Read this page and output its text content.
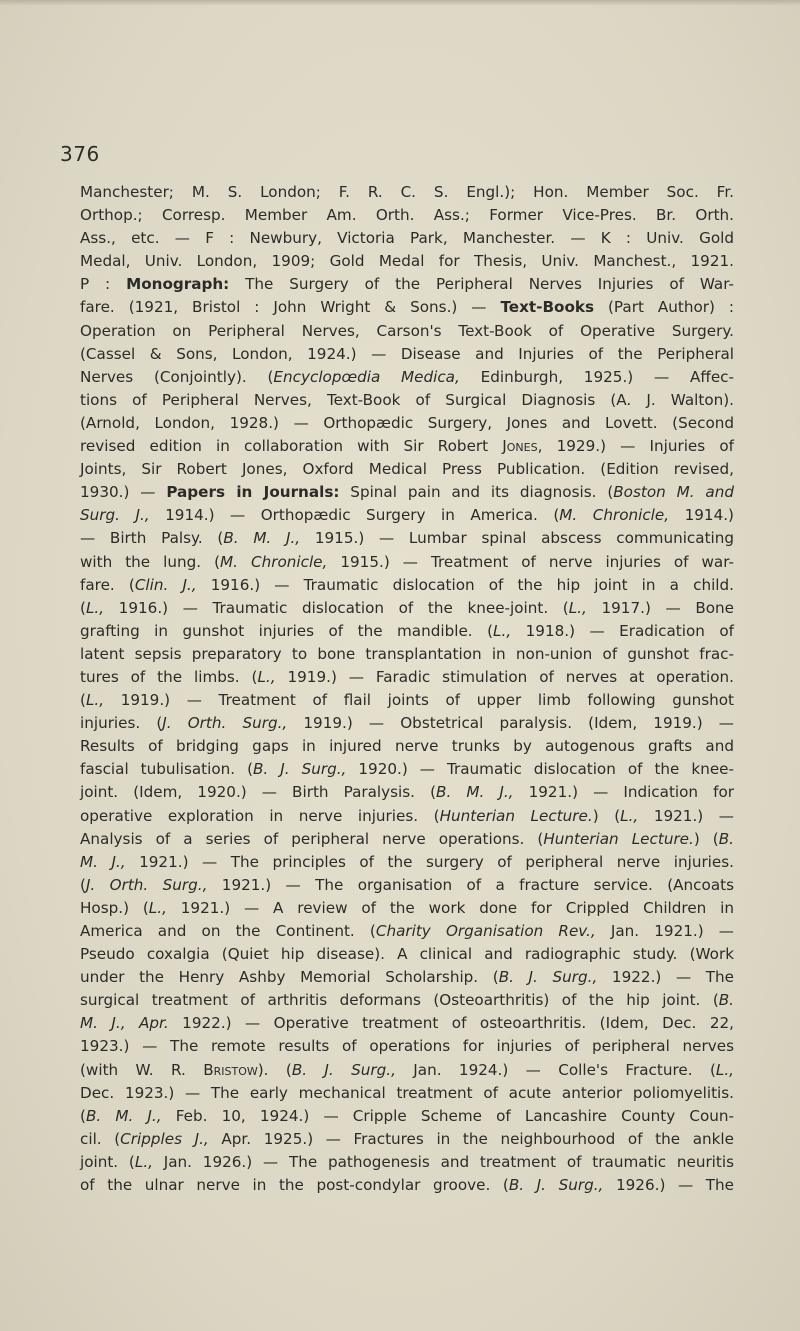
376
Manchester; M. S. London; F. R. C. S. Engl.); Hon. Member Soc. Fr.
Orthop.; Corresp. Member Am. Orth. Ass.; Former Vice-Pres. Br. Orth.
Ass., etc. — F : Newbury, Victoria Park, Manchester. — K : Univ. Gold
Medal, Univ. London, 1909; Gold Medal for Thesis, Univ. Manchest., 1921.
P : Monograph: The Surgery of the Peripheral Nerves Injuries of War-
fare. (1921, Bristol : John Wright & Sons.) — Text-Books (Part Author) :
Operation on Peripheral Nerves, Carson's Text-Book of Operative Surgery.
(Cassel & Sons, London, 1924.) — Disease and Injuries of the Peripheral
Nerves (Conjointly). (Encyclopœdia Medica, Edinburgh, 1925.) — Affec-
tions of Peripheral Nerves, Text-Book of Surgical Diagnosis (A. J. Walton).
(Arnold, London, 1928.) — Orthopædic Surgery, Jones and Lovett. (Second
revised edition in collaboration with Sir Robert Jones, 1929.) — Injuries of
Joints, Sir Robert Jones, Oxford Medical Press Publication. (Edition revised,
1930.) — Papers in Journals: Spinal pain and its diagnosis. (Boston M. and
Surg. J., 1914.) — Orthopædic Surgery in America. (M. Chronicle, 1914.)
— Birth Palsy. (B. M. J., 1915.) — Lumbar spinal abscess communicating
with the lung. (M. Chronicle, 1915.) — Treatment of nerve injuries of war-
fare. (Clin. J., 1916.) — Traumatic dislocation of the hip joint in a child.
(L., 1916.) — Traumatic dislocation of the knee-joint. (L., 1917.) — Bone
grafting in gunshot injuries of the mandible. (L., 1918.) — Eradication of
latent sepsis preparatory to bone transplantation in non-union of gunshot frac-
tures of the limbs. (L., 1919.) — Faradic stimulation of nerves at operation.
(L., 1919.) — Treatment of flail joints of upper limb following gunshot
injuries. (J. Orth. Surg., 1919.) — Obstetrical paralysis. (Idem, 1919.) —
Results of bridging gaps in injured nerve trunks by autogenous grafts and
fascial tubulisation. (B. J. Surg., 1920.) — Traumatic dislocation of the knee-
joint. (Idem, 1920.) — Birth Paralysis. (B. M. J., 1921.) — Indication for
operative exploration in nerve injuries. (Hunterian Lecture.) (L., 1921.) —
Analysis of a series of peripheral nerve operations. (Hunterian Lecture.) (B.
M. J., 1921.) — The principles of the surgery of peripheral nerve injuries.
(J. Orth. Surg., 1921.) — The organisation of a fracture service. (Ancoats
Hosp.) (L., 1921.) — A review of the work done for Crippled Children in
America and on the Continent. (Charity Organisation Rev., Jan. 1921.) —
Pseudo coxalgia (Quiet hip disease). A clinical and radiographic study. (Work
under the Henry Ashby Memorial Scholarship. (B. J. Surg., 1922.) — The
surgical treatment of arthritis deformans (Osteoarthritis) of the hip joint. (B.
M. J., Apr. 1922.) — Operative treatment of osteoarthritis. (Idem, Dec. 22,
1923.) — The remote results of operations for injuries of peripheral nerves
(with W. R. Bristow). (B. J. Surg., Jan. 1924.) — Colle's Fracture. (L.,
Dec. 1923.) — The early mechanical treatment of acute anterior poliomyelitis.
(B. M. J., Feb. 10, 1924.) — Cripple Scheme of Lancashire County Coun-
cil. (Cripples J., Apr. 1925.) — Fractures in the neighbourhood of the ankle
joint. (L., Jan. 1926.) — The pathogenesis and treatment of traumatic neuritis
of the ulnar nerve in the post-condylar groove. (B. J. Surg., 1926.) — The
